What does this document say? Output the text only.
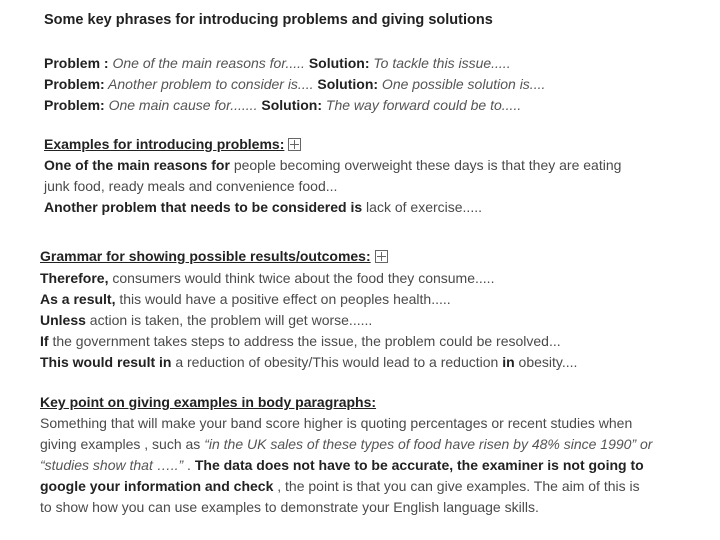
Some key phrases for introducing problems and giving solutions
Problem : One of the main reasons for..... Solution: To tackle this issue.....
Problem: Another problem to consider is.... Solution: One possible solution is....
Problem: One main cause for....... Solution: The way forward could be to.....
Examples for introducing problems:
One of the main reasons for people becoming overweight these days is that they are eating
junk food, ready meals and convenience food...
Another problem that needs to be considered is lack of exercise.....
Grammar for showing possible results/outcomes:
Therefore, consumers would think twice about the food they consume.....
As a result, this would have a positive effect on peoples health.....
Unless action is taken, the problem will get worse......
If the government takes steps to address the issue, the problem could be resolved...
This would result in a reduction of obesity/This would lead to a reduction in obesity....
Key point on giving examples in body paragraphs:
Something that will make your band score higher is quoting percentages or recent studies when
giving examples , such as “in the UK sales of these types of food have risen by 48% since 1990” or
“studies show that …..” . The data does not have to be accurate, the examiner is not going to
google your information and check , the point is that you can give examples. The aim of this is
to show how you can use examples to demonstrate your English language skills.
